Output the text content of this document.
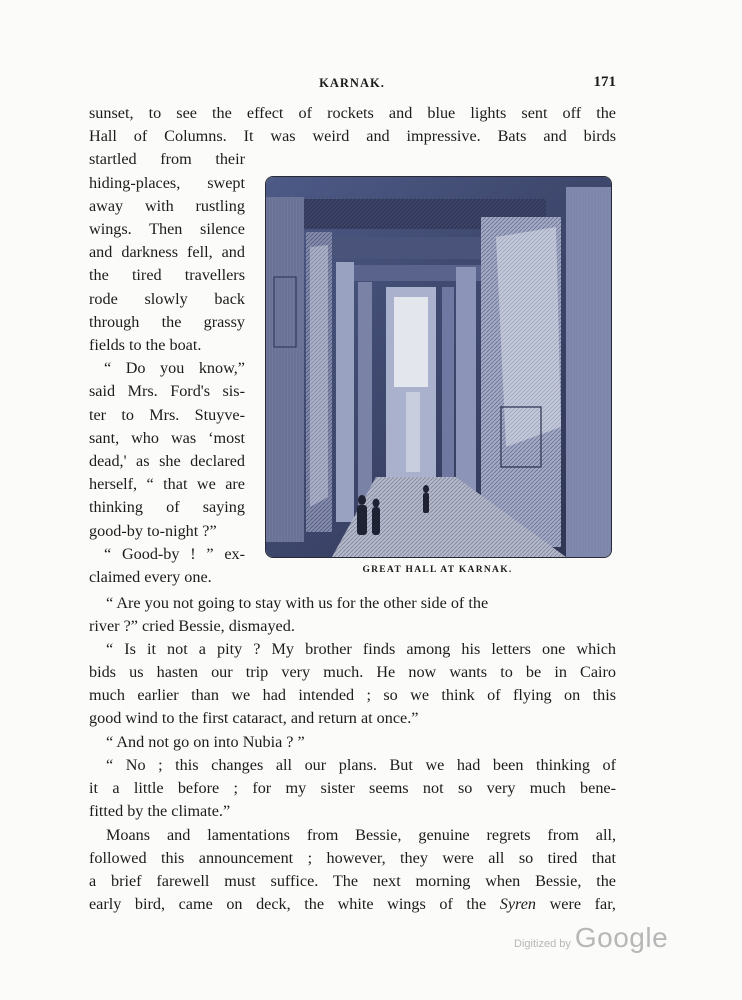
KARNAK.	171
sunset, to see the effect of rockets and blue lights sent off the
Hall of Columns. It was weird and impressive. Bats and birds
startled from their
hiding-places, swept
away with rustling
wings. Then silence
and darkness fell, and
the tired travellers
rode slowly back
through the grassy
fields to the boat.
“ Do you know,”
said Mrs. Ford's sis-
ter to Mrs. Stuyve-
sant, who was ‘most
dead,' as she declared
herself, “ that we are
thinking of saying
good-by to-night ?”
“ Good-by ! ” ex-
claimed every one.	GREAT HALL AT KARNAK.
“ Are you not going to stay with us for the other side of the
river ?” cried Bessie, dismayed.
“ Is it not a pity ? My brother finds among his letters one which
bids us hasten our trip very much. He now wants to be in Cairo
much earlier than we had intended ; so we think of flying on this
good wind to the first cataract, and return at once.”
“ And not go on into Nubia ? ”
“ No ; this changes all our plans. But we had been thinking of
it a little before ; for my sister seems not so very much bene-
fitted by the climate.”
Moans and lamentations from Bessie, genuine regrets from all,
followed this announcement ; however, they were all so tired that
a brief farewell must suffice. The next morning when Bessie, the
early bird, came on deck, the white wings of the Syren were far,
Digitized by Google
